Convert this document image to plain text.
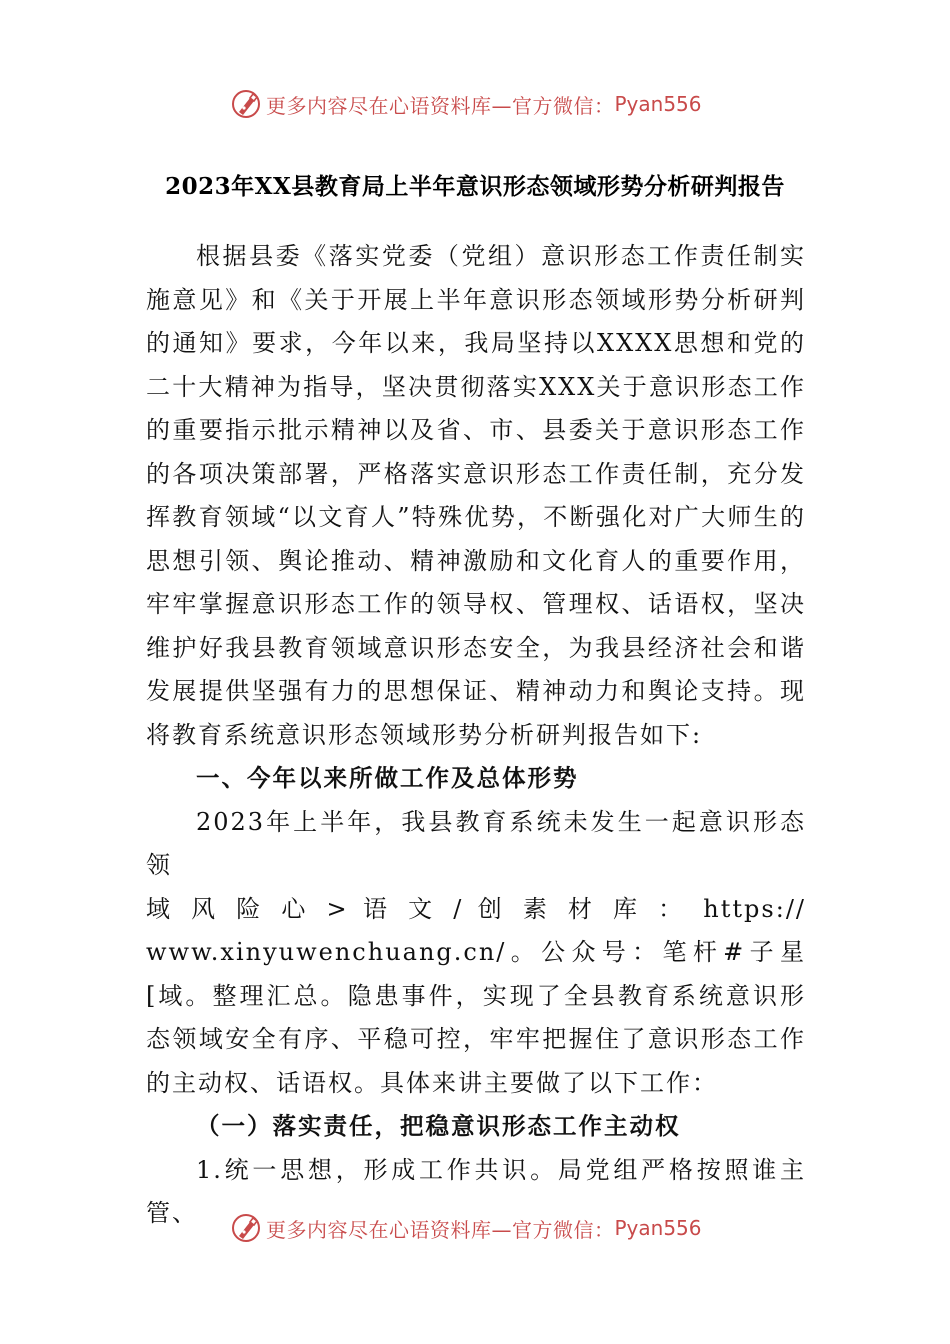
更多内容尽在心语资料库—官方微信： Pyan556
2023年XX县教育局上半年意识形态领域形势分析研判报告

根据县委《落实党委（党组）意识形态工作责任制实施意见》和《关于开展上半年意识形态领域形势分析研判的通知》要求，今年以来，我局坚持以XXXX思想和党的二十大精神为指导，坚决贯彻落实XXX关于意识形态工作的重要指示批示精神以及省、市、县委关于意识形态工作的各项决策部署，严格落实意识形态工作责任制，充分发挥教育领域“以文育人”特殊优势，不断强化对广大师生的思想引领、舆论推动、精神激励和文化育人的重要作用，牢牢掌握意识形态工作的领导权、管理权、话语权，坚决维护好我县教育领域意识形态安全，为我县经济社会和谐发展提供坚强有力的思想保证、精神动力和舆论支持。现将教育系统意识形态领域形势分析研判报告如下:

一、今年以来所做工作及总体形势

2023年上半年，我县教育系统未发生一起意识形态领

域 风 险 心 > 语 文 / 创 素 材 库 ： https://

www.xinyuwenchuang.cn/。公众号：笔杆#子星[域。整理汇总。隐患事件，实现了全县教育系统意识形态领域安全有序、平稳可控，牢牢把握住了意识形态工作的主动权、话语权。具体来讲主要做了以下工作：

（一）落实责任，把稳意识形态工作主动权

1.统一思想，形成工作共识。局党组严格按照谁主管、

更多内容尽在心语资料库—官方微信： Pyan556
